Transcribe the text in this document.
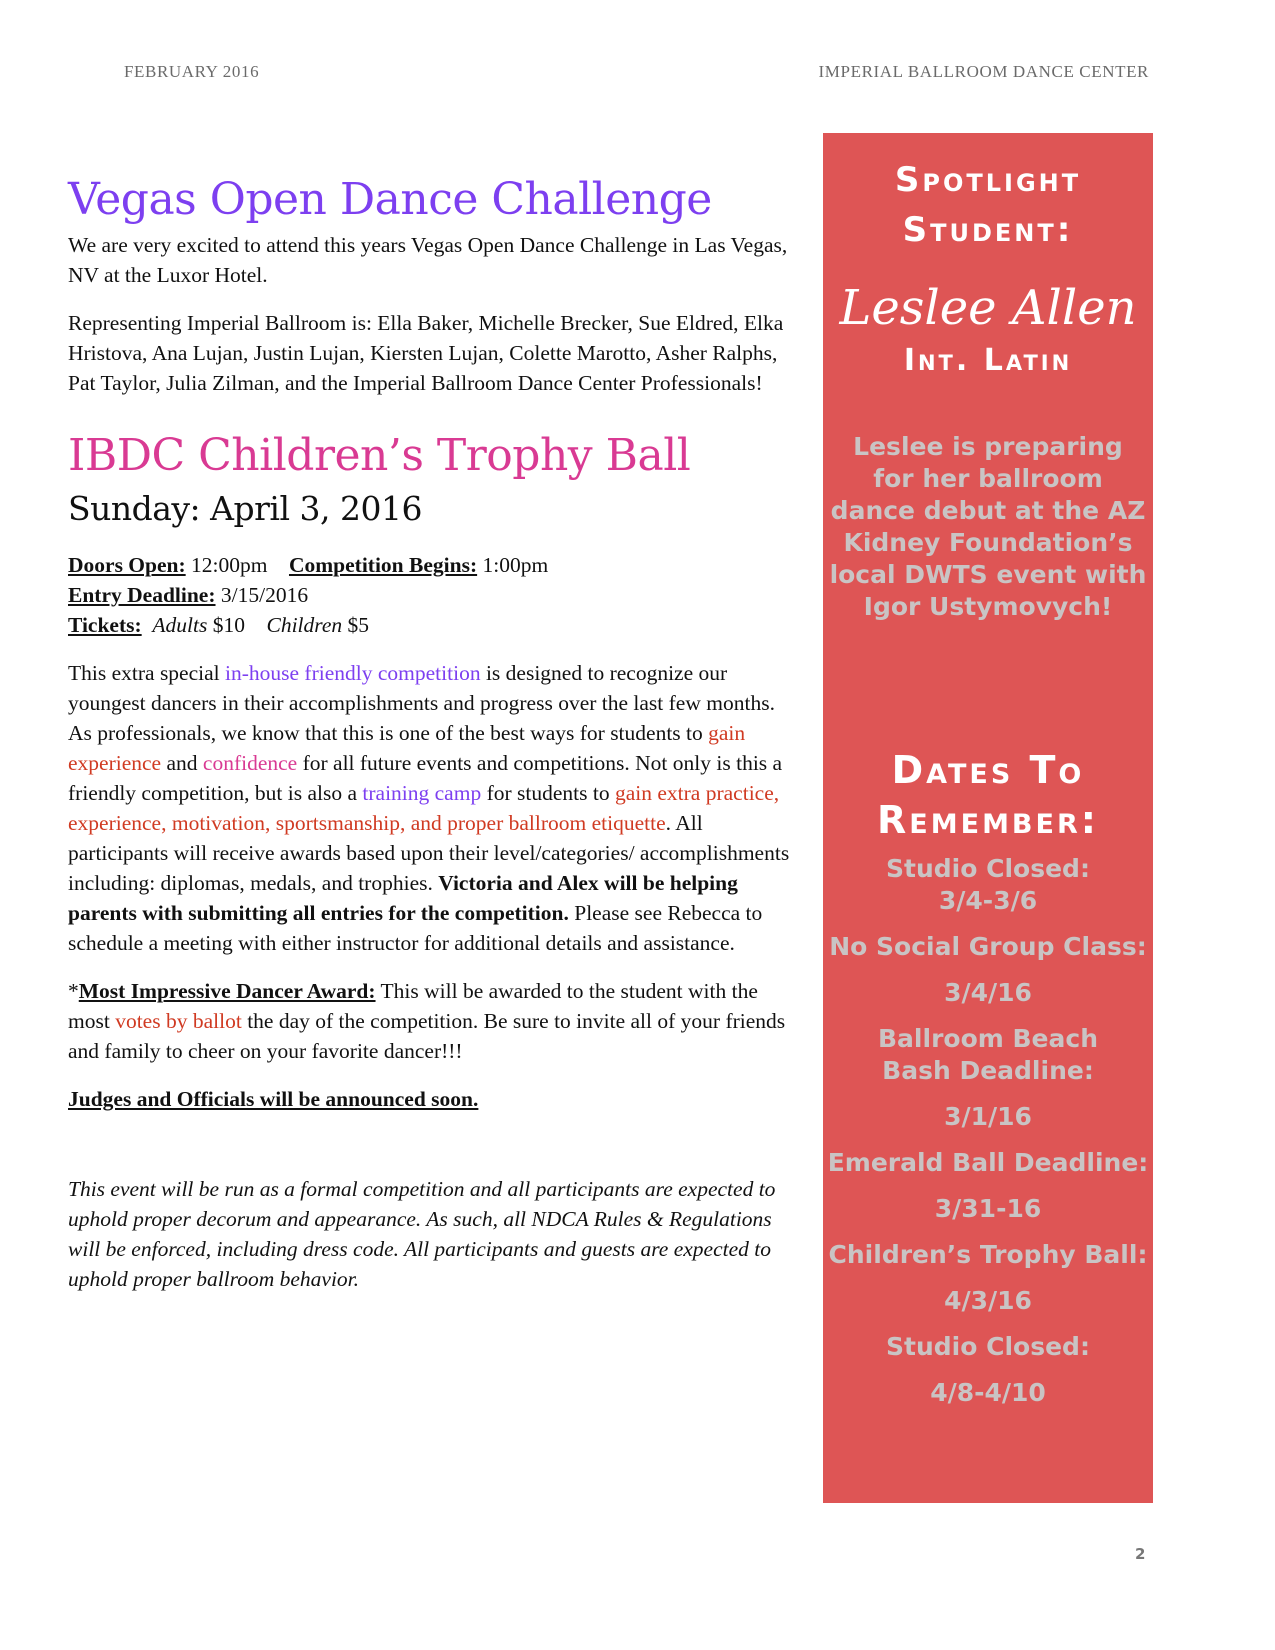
FEBRUARY 2016	IMPERIAL BALLROOM DANCE CENTER
Vegas Open Dance Challenge

We are very excited to attend this years Vegas Open Dance Challenge in Las Vegas, NV at the Luxor Hotel.

Representing Imperial Ballroom is: Ella Baker, Michelle Brecker, Sue Eldred, Elka Hristova, Ana Lujan, Justin Lujan, Kiersten Lujan, Colette Marotto, Asher Ralphs, Pat Taylor, Julia Zilman, and the Imperial Ballroom Dance Center Professionals!

IBDC Children’s Trophy Ball
Sunday: April 3, 2016
Doors Open: 12:00pm Competition Begins: 1:00pm
Entry Deadline: 3/15/2016
Tickets: Adults $10 Children $5

This extra special in-house friendly competition is designed to recognize our youngest dancers in their accomplishments and progress over the last few months. As professionals, we know that this is one of the best ways for students to gain experience and confidence for all future events and competitions. Not only is this a friendly competition, but is also a training camp for students to gain extra practice, experience, motivation, sportsmanship, and proper ballroom etiquette. All participants will receive awards based upon their level/categories/ accomplishments including: diplomas, medals, and trophies. Victoria and Alex will be helping parents with submitting all entries for the competition. Please see Rebecca to schedule a meeting with either instructor for additional details and assistance.

*Most Impressive Dancer Award: This will be awarded to the student with the most votes by ballot the day of the competition. Be sure to invite all of your friends and family to cheer on your favorite dancer!!!

Judges and Officials will be announced soon.

This event will be run as a formal competition and all participants are expected to uphold proper decorum and appearance. As such, all NDCA Rules & Regulations will be enforced, including dress code. All participants and guests are expected to uphold proper ballroom behavior.

Spotlight
Student:
Leslee Allen
Int. Latin
Leslee is preparing for her ballroom dance debut at the AZ Kidney Foundation’s local DWTS event with Igor Ustymovych!
Dates To
Remember:
Studio Closed:
3/4-3/6
No Social Group Class:
3/4/16
Ballroom Beach Bash Deadline:
3/1/16
Emerald Ball Deadline:
3/31-16
Children’s Trophy Ball:
4/3/16
Studio Closed:
4/8-4/10
2
